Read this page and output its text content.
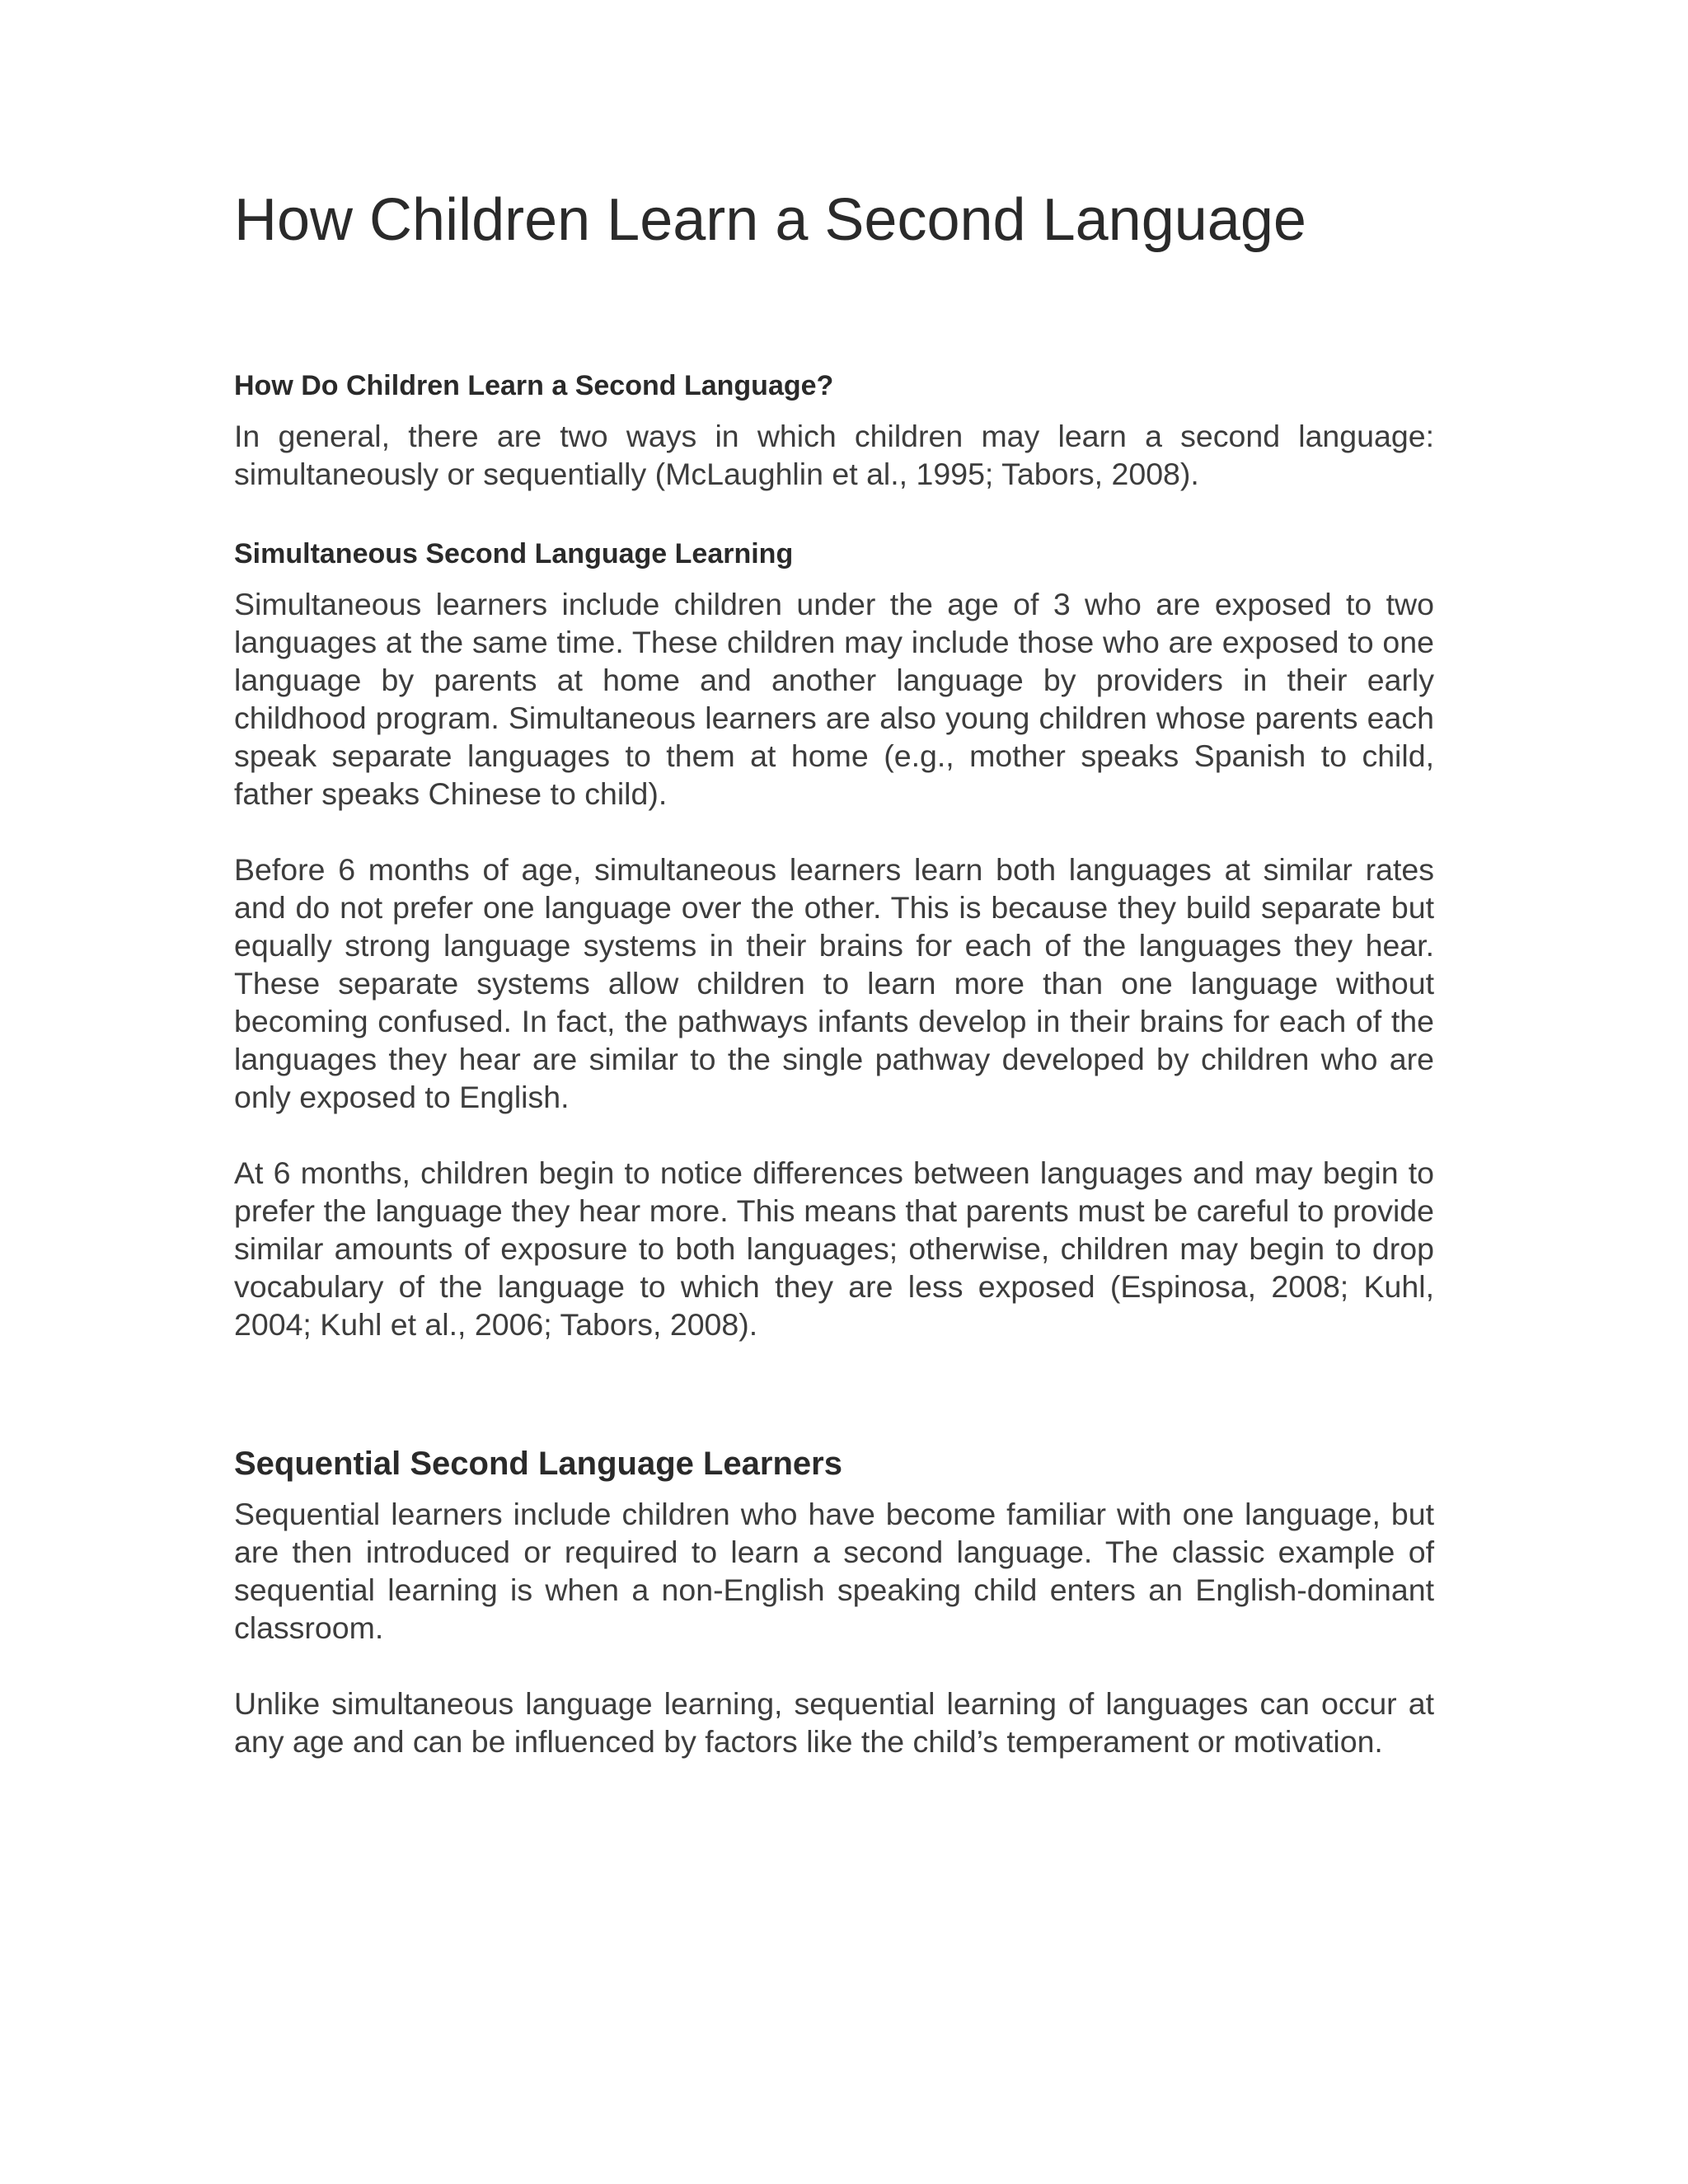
How Children Learn a Second Language
How Do Children Learn a Second Language?

In general, there are two ways in which children may learn a second language: simultaneously or sequentially (McLaughlin et al., 1995; Tabors, 2008).

Simultaneous Second Language Learning

Simultaneous learners include children under the age of 3 who are exposed to two languages at the same time. These children may include those who are exposed to one language by parents at home and another language by providers in their early childhood program. Simultaneous learners are also young children whose parents each speak separate languages to them at home (e.g., mother speaks Spanish to child, father speaks Chinese to child).

Before 6 months of age, simultaneous learners learn both languages at similar rates and do not prefer one language over the other. This is because they build separate but equally strong language systems in their brains for each of the languages they hear. These separate systems allow children to learn more than one language without becoming confused. In fact, the pathways infants develop in their brains for each of the languages they hear are similar to the single pathway developed by children who are only exposed to English.

At 6 months, children begin to notice differences between languages and may begin to prefer the language they hear more. This means that parents must be careful to provide similar amounts of exposure to both languages; otherwise, children may begin to drop vocabulary of the language to which they are less exposed (Espinosa, 2008; Kuhl, 2004; Kuhl et al., 2006; Tabors, 2008).

Sequential Second Language Learners

Sequential learners include children who have become familiar with one language, but are then introduced or required to learn a second language. The classic example of sequential learning is when a non-English speaking child enters an English-dominant classroom.

Unlike simultaneous language learning, sequential learning of languages can occur at any age and can be influenced by factors like the child’s temperament or motivation.
